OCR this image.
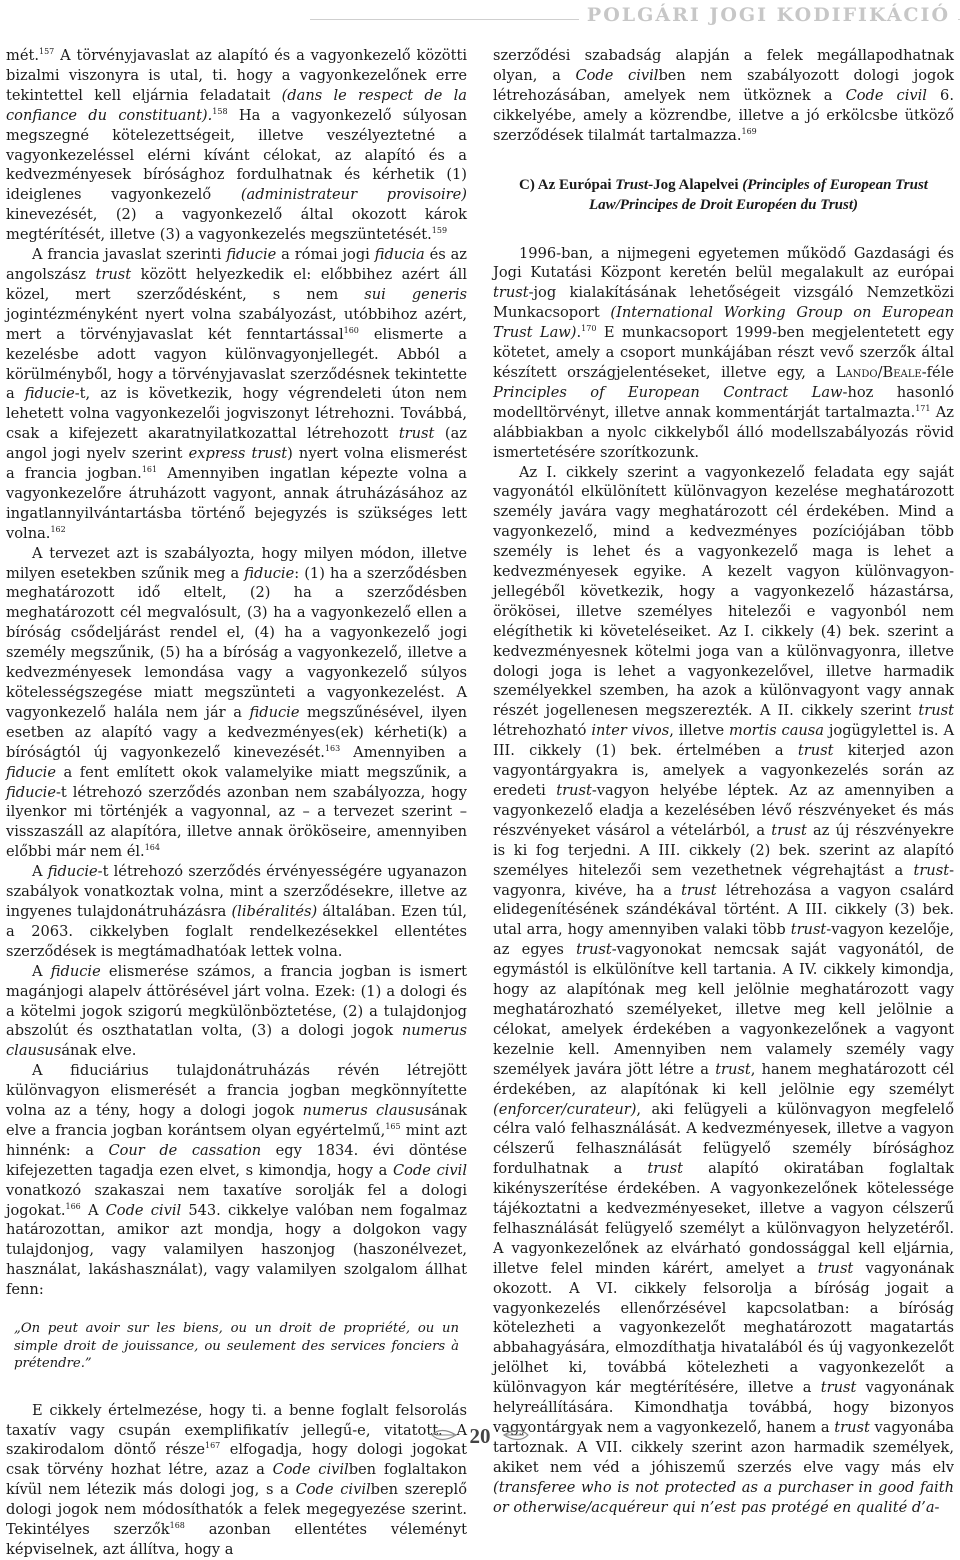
POLGÁRI JOGI KODIFIKÁCIÓ

mét.$^{157}$ A törvényjavaslat az alapító és a vagyonkezelő közötti bizalmi viszonyra is utal, ti. hogy a vagyonkezelőnek erre tekintettel kell eljárnia feladatait (dans le respect de la confiance du constituant).$^{158}$ Ha a vagyonkezelő súlyosan megszegné kötelezettségeit, illetve veszélyeztetné a vagyonkezeléssel elérni kívánt célokat, az alapító és a kedvezményesek bírósághoz fordulhatnak és kérhetik (1) ideiglenes vagyonkezelő (administrateur provisoire) kinevezését, (2) a vagyonkezelő által okozott károk megtérítését, illetve (3) a vagyonkezelés megszüntetését.$^{159}$

A francia javaslat szerinti fiducie a római jogi fiducia és az angolszász trust között helyezkedik el: előbbihez azért áll közel, mert szerződésként, s nem sui generis jogintézményként nyert volna szabályozást, utóbbihoz azért, mert a törvényjavaslat két fenntartással$^{160}$ elismerte a kezelésbe adott vagyon különvagyonjellegét. Abból a körülményből, hogy a törvényjavaslat szerződésnek tekintette a fiducie-t, az is következik, hogy végrendeleti úton nem lehetett volna vagyonkezelői jogviszonyt létrehozni. Továbbá, csak a kifejezett akaratnyilatkozattal létrehozott trust (az angol jogi nyelv szerint express trust) nyert volna elismerést a francia jogban.$^{161}$ Amennyiben ingatlan képezte volna a vagyonkezelőre átruházott vagyont, annak átruházásához az ingatlannyilvántartásba történő bejegyzés is szükséges lett volna.$^{162}$

A tervezet azt is szabályozta, hogy milyen módon, illetve milyen esetekben szűnik meg a fiducie: (1) ha a szerződésben meghatározott idő eltelt, (2) ha a szerződésben meghatározott cél megvalósult, (3) ha a vagyonkezelő ellen a bíróság csődeljárást rendel el, (4) ha a vagyonkezelő jogi személy megszűnik, (5) ha a bíróság a vagyonkezelő, illetve a kedvezményesek lemondása vagy a vagyonkezelő súlyos kötelességszegése miatt megszünteti a vagyonkezelést. A vagyonkezelő halála nem jár a fiducie megszűnésével, ilyen esetben az alapító vagy a kedvezményes(ek) kérheti(k) a bíróságtól új vagyonkezelő kinevezését.$^{163}$ Amennyiben a fiducie a fent említett okok valamelyike miatt megszűnik, a fiducie-t létrehozó szerződés azonban nem szabályozza, hogy ilyenkor mi történjék a vagyonnal, az – a tervezet szerint – visszaszáll az alapítóra, illetve annak örököseire, amennyiben előbbi már nem él.$^{164}$

A fiducie-t létrehozó szerződés érvényességére ugyanazon szabályok vonatkoztak volna, mint a szerződésekre, illetve az ingyenes tulajdonátruházásra (libéralités) általában. Ezen túl, a 2063. cikkelyben foglalt rendelkezésekkel ellentétes szerződések is megtámadhatóak lettek volna.

A fiducie elismerése számos, a francia jogban is ismert magánjogi alapelv áttörésével járt volna. Ezek: (1) a dologi és a kötelmi jogok szigorú megkülönböztetése, (2) a tulajdonjog abszolút és oszthatatlan volta, (3) a dologi jogok numerus claususának elve.

A fiduciárius tulajdonátruházás révén létrejött különvagyon elismerését a francia jogban megkönnyítette volna az a tény, hogy a dologi jogok numerus claususának elve a francia jogban korántsem olyan egyértelmű,$^{165}$ mint azt hinnénk: a Cour de cassation egy 1834. évi döntése kifejezetten tagadja ezen elvet, s kimondja, hogy a Code civil vonatkozó szakaszai nem taxatíve sorolják fel a dologi jogokat.$^{166}$ A Code civil 543. cikkelye valóban nem fogalmaz határozottan, amikor azt mondja, hogy a dolgokon vagy tulajdonjog, vagy valamilyen haszonjog (haszonélvezet, használat, lakáshasználat), vagy valamilyen szolgalom állhat fenn:

„On peut avoir sur les biens, ou un droit de propriété, ou un simple droit de jouissance, ou seulement des services fonciers à prétendre.”

E cikkely értelmezése, hogy ti. a benne foglalt felsorolás taxatív vagy csupán exemplifikatív jellegű-e, vitatott. A szakirodalom döntő része$^{167}$ elfogadja, hogy dologi jogokat csak törvény hozhat létre, azaz a Code civilben foglaltakon kívül nem létezik más dologi jog, s a Code civilben szereplő dologi jogok nem módosíthatók a felek megegyezése szerint. Tekintélyes szerzők$^{168}$ azonban ellentétes véleményt képviselnek, azt állítva, hogy a

szerződési szabadság alapján a felek megállapodhatnak olyan, a Code civilben nem szabályozott dologi jogok létrehozásában, amelyek nem ütköznek a Code civil 6. cikkelyébe, amely a közrendbe, illetve a jó erkölcsbe ütköző szerződések tilalmát tartalmazza.$^{169}$

C) Az Európai Trust-Jog Alapelvei (Principles of European Trust Law/Principes de Droit Européen du Trust)

1996-ban, a nijmegeni egyetemen működő Gazdasági és Jogi Kutatási Központ keretén belül megalakult az európai trust-jog kialakításának lehetőségeit vizsgáló Nemzetközi Munkacsoport (International Working Group on European Trust Law).$^{170}$ E munkacsoport 1999-ben megjelentetett egy kötetet, amely a csoport munkájában részt vevő szerzők által készített országjelentéseket, illetve egy, a Lando/Beale-féle Principles of European Contract Law-hoz hasonló modelltörvényt, illetve annak kommentárját tartalmazta.$^{171}$ Az alábbiakban a nyolc cikkelyből álló modellszabályozás rövid ismertetésére szorítkozunk.

Az I. cikkely szerint a vagyonkezelő feladata egy saját vagyonától elkülönített különvagyon kezelése meghatározott személy javára vagy meghatározott cél érdekében. Mind a vagyonkezelő, mind a kedvezményes pozíciójában több személy is lehet és a vagyonkezelő maga is lehet a kedvezményesek egyike. A kezelt vagyon különvagyon-jellegéből következik, hogy a vagyonkezelő házastársa, örökösei, illetve személyes hitelezői e vagyonból nem elégíthetik ki követeléseiket. Az I. cikkely (4) bek. szerint a kedvezményesnek kötelmi joga van a különvagyonra, illetve dologi joga is lehet a vagyonkezelővel, illetve harmadik személyekkel szemben, ha azok a különvagyont vagy annak részét jogellenesen megszerezték. A II. cikkely szerint trust létrehozható inter vivos, illetve mortis causa jogügylettel is. A III. cikkely (1) bek. értelmében a trust kiterjed azon vagyontárgyakra is, amelyek a vagyonkezelés során az eredeti trust-vagyon helyébe léptek. Az az amennyiben a vagyonkezelő eladja a kezelésében lévő részvényeket és más részvényeket vásárol a vételárból, a trust az új részvényekre is ki fog terjedni. A III. cikkely (2) bek. szerint az alapító személyes hitelezői sem vezethetnek végrehajtást a trust-vagyonra, kivéve, ha a trust létrehozása a vagyon csalárd elidegenítésének szándékával történt. A III. cikkely (3) bek. utal arra, hogy amennyiben valaki több trust-vagyon kezelője, az egyes trust-vagyonokat nemcsak saját vagyonától, de egymástól is elkülönítve kell tartania. A IV. cikkely kimondja, hogy az alapítónak meg kell jelölnie meghatározott vagy meghatározható személyeket, illetve meg kell jelölnie a célokat, amelyek érdekében a vagyonkezelőnek a vagyont kezelnie kell. Amennyiben nem valamely személy vagy személyek javára jött létre a trust, hanem meghatározott cél érdekében, az alapítónak ki kell jelölnie egy személyt (enforcer/curateur), aki felügyeli a különvagyon megfelelő célra való felhasználását. A kedvezményesek, illetve a vagyon célszerű felhasználását felügyelő személy bírósághoz fordulhatnak a trust alapító okiratában foglaltak kikényszerítése érdekében. A vagyonkezelőnek kötelessége tájékoztatni a kedvezményeseket, illetve a vagyon célszerű felhasználását felügyelő személyt a különvagyon helyzetéről. A vagyonkezelőnek az elvárható gondossággal kell eljárnia, illetve felel minden kárért, amelyet a trust vagyonának okozott. A VI. cikkely felsorolja a bíróság jogait a vagyonkezelés ellenőrzésével kapcsolatban: a bíróság kötelezheti a vagyonkezelőt meghatározott magatartás abbahagyására, elmozdíthatja hivatalából és új vagyonkezelőt jelölhet ki, továbbá kötelezheti a vagyonkezelőt a különvagyon kár megtérítésére, illetve a trust vagyonának helyreállítására. Kimondhatja továbbá, hogy bizonyos vagyontárgyak nem a vagyonkezelő, hanem a trust vagyonába tartoznak. A VII. cikkely szerint azon harmadik személyek, akiket nem véd a jóhiszemű szerzés elve vagy más elv (transferee who is not protected as a purchaser in good faith or otherwise/acquéreur qui n’est pas protégé en qualité d’a-

20
